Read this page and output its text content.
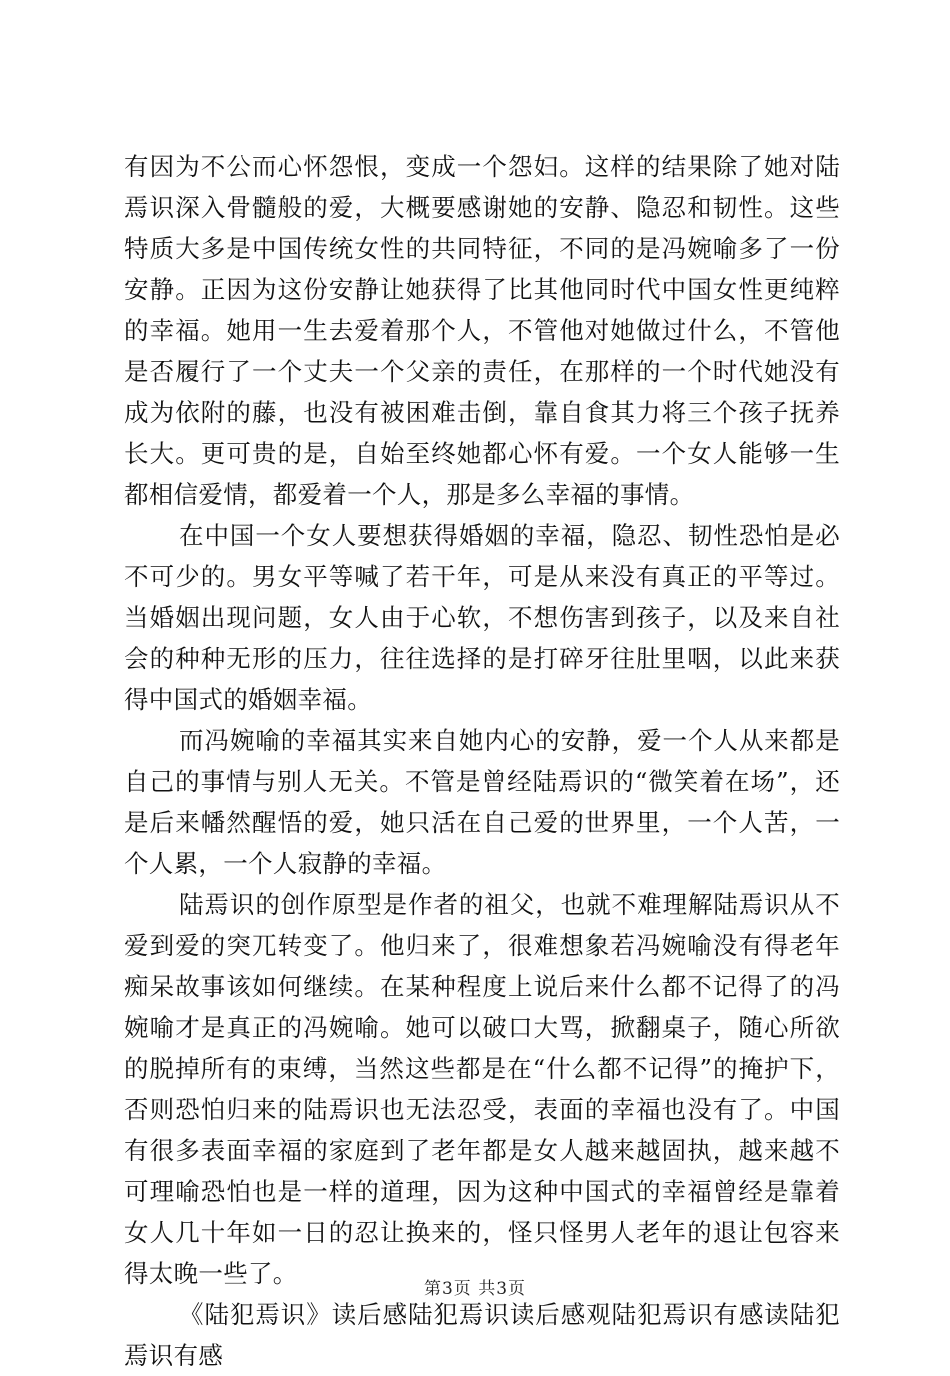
有因为不公而心怀怨恨，变成一个怨妇。这样的结果除了她对陆焉识深入骨髓般的爱，大概要感谢她的安静、隐忍和韧性。这些特质大多是中国传统女性的共同特征，不同的是冯婉喻多了一份安静。正因为这份安静让她获得了比其他同时代中国女性更纯粹的幸福。她用一生去爱着那个人，不管他对她做过什么，不管他是否履行了一个丈夫一个父亲的责任，在那样的一个时代她没有成为依附的藤，也没有被困难击倒，靠自食其力将三个孩子抚养长大。更可贵的是，自始至终她都心怀有爱。一个女人能够一生都相信爱情，都爱着一个人，那是多么幸福的事情。

在中国一个女人要想获得婚姻的幸福，隐忍、韧性恐怕是必不可少的。男女平等喊了若干年，可是从来没有真正的平等过。当婚姻出现问题，女人由于心软，不想伤害到孩子，以及来自社会的种种无形的压力，往往选择的是打碎牙往肚里咽，以此来获得中国式的婚姻幸福。

而冯婉喻的幸福其实来自她内心的安静，爱一个人从来都是自己的事情与别人无关。不管是曾经陆焉识的“微笑着在场”，还是后来幡然醒悟的爱，她只活在自己爱的世界里，一个人苦，一个人累，一个人寂静的幸福。

陆焉识的创作原型是作者的祖父，也就不难理解陆焉识从不爱到爱的突兀转变了。他归来了，很难想象若冯婉喻没有得老年痴呆故事该如何继续。在某种程度上说后来什么都不记得了的冯婉喻才是真正的冯婉喻。她可以破口大骂，掀翻桌子，随心所欲的脱掉所有的束缚，当然这些都是在“什么都不记得”的掩护下，否则恐怕归来的陆焉识也无法忍受，表面的幸福也没有了。中国有很多表面幸福的家庭到了老年都是女人越来越固执，越来越不可理喻恐怕也是一样的道理，因为这种中国式的幸福曾经是靠着女人几十年如一日的忍让换来的，怪只怪男人老年的退让包容来得太晚一些了。

《陆犯焉识》读后感陆犯焉识读后感观陆犯焉识有感读陆犯焉识有感

第3页 共3页
